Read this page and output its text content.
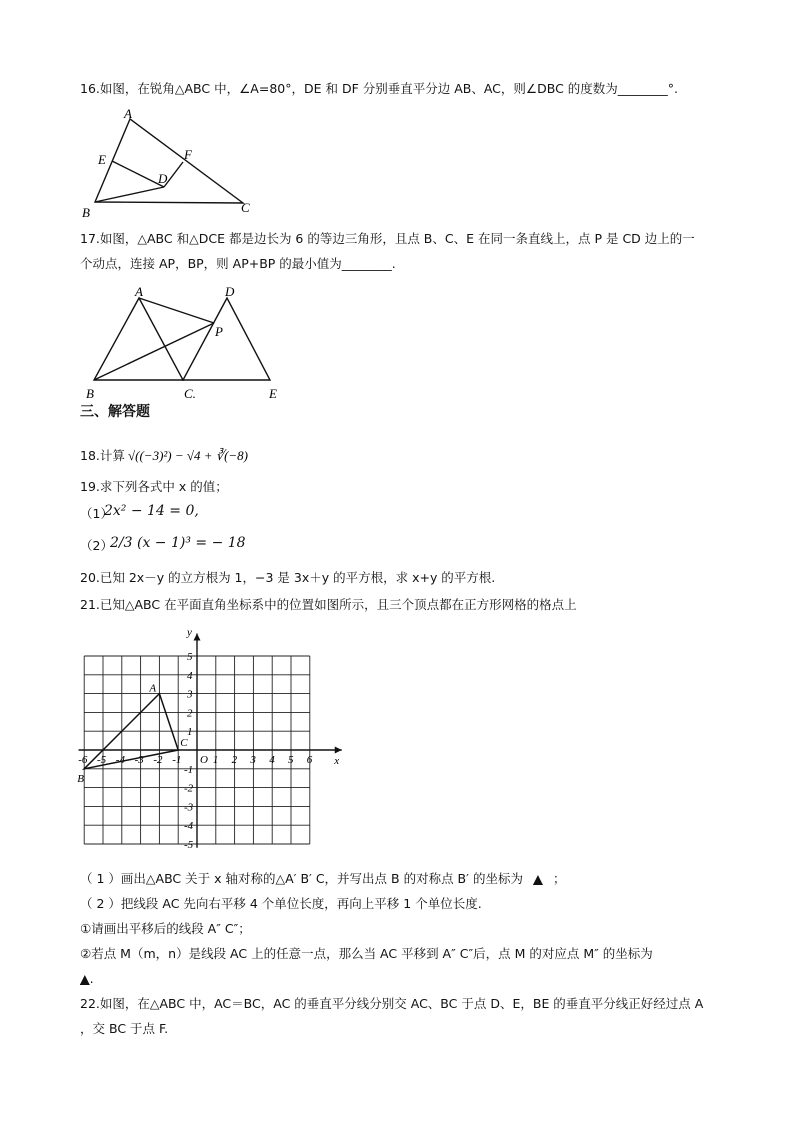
16.如图，在锐角△ABC 中，∠A=80°，DE 和 DF 分别垂直平分边 AB、AC，则∠DBC 的度数为________°.
A
E	F
D
B	C
17.如图，△ABC 和△DCE 都是边长为 6 的等边三角形，且点 B、C、E 在同一条直线上，点 P 是 CD 边上的一
个动点，连接 AP，BP，则 AP+BP 的最小值为________.
A	D
P
B	C.	E
三、解答题
18.计算 √((−3)²) − √4 + ∛(−8)
19.求下列各式中 x 的值；
（1）
2x² − 14 = 0,
（2）
2/3 (x − 1)³ = − 18
20.已知 2x－y 的立方根为 1，−3 是 3x＋y 的平方根，求 x+y 的平方根.
21.已知△ABC 在平面直角坐标系中的位置如图所示，且三个顶点都在正方形网格的格点上
x
y
O
-6 -5 -4 -3 -2 -1	1 2 3 4 5 6
1
2
3
4
5
-1
-2
-3
-4
-5
A
B
C
（ 1 ）画出△ABC 关于 x 轴对称的△A′ B′ C，并写出点 B 的对称点 B′ 的坐标为 ▲ ；
（ 2 ）把线段 AC 先向右平移 4 个单位长度，再向上平移 1 个单位长度.
①请画出平移后的线段 A″ C″；
②若点 M（m，n）是线段 AC 上的任意一点，那么当 AC 平移到 A″ C″后，点 M 的对应点 M″ 的坐标为
▲.
22.如图，在△ABC 中，AC＝BC，AC 的垂直平分线分别交 AC、BC 于点 D、E，BE 的垂直平分线正好经过点 A
，交 BC 于点 F.
